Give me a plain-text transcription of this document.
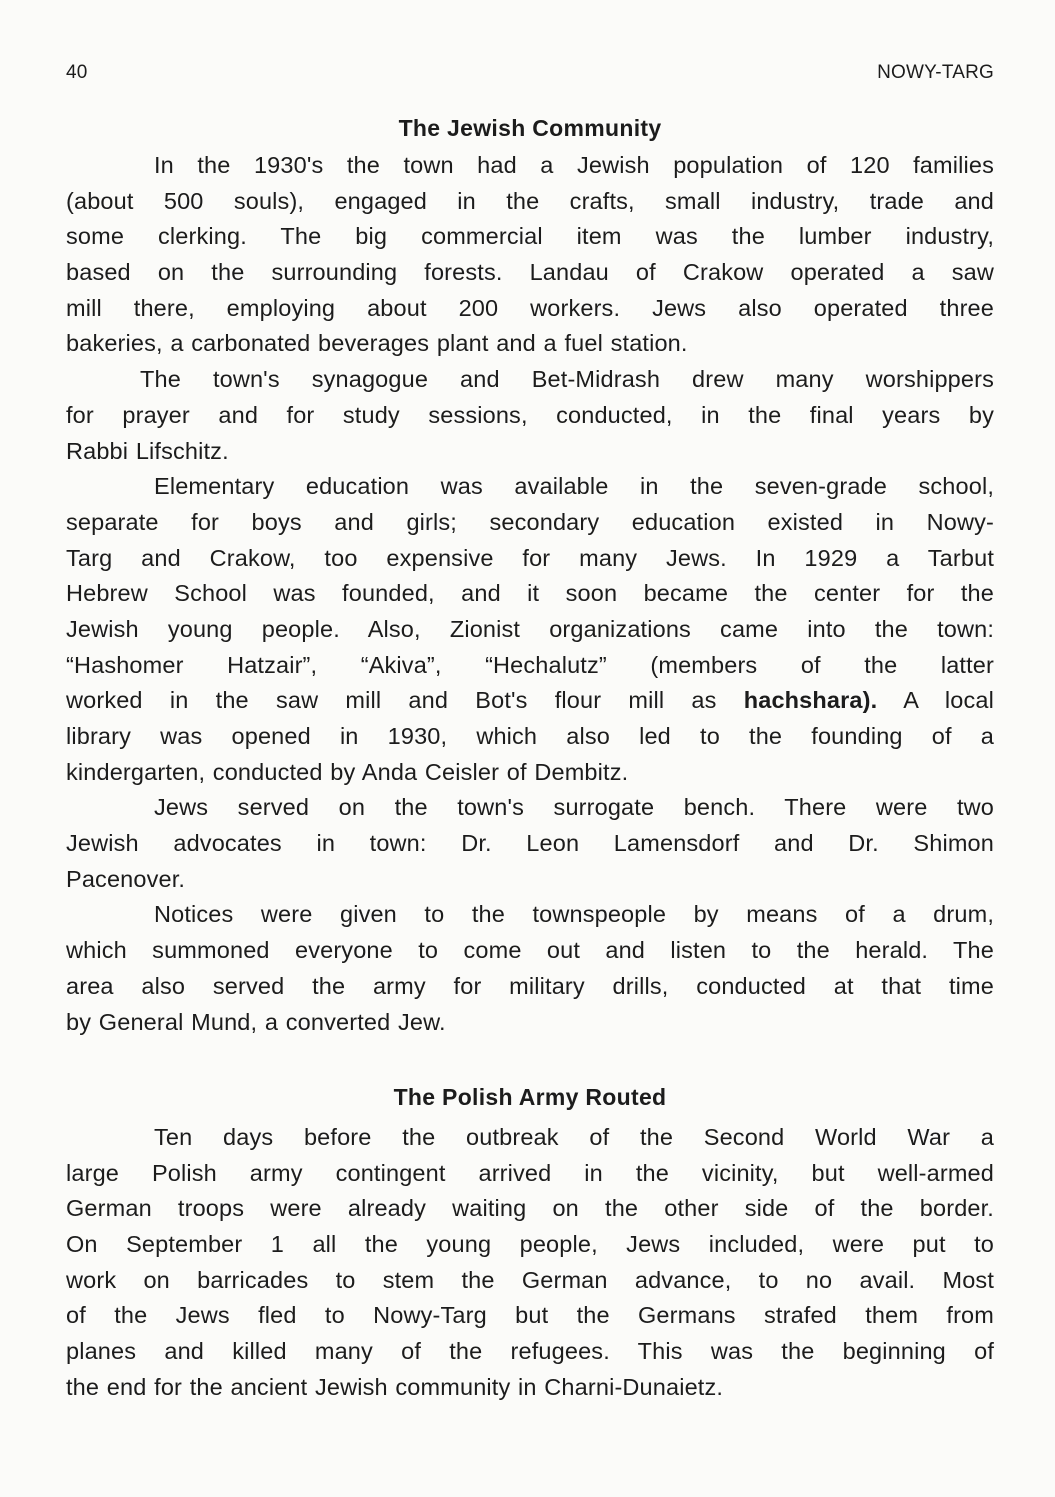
40	NOWY-TARG
The Jewish Community
In the 1930's the town had a Jewish population of 120 families
(about 500 souls), engaged in the crafts, small industry, trade and
some clerking. The big commercial item was the lumber industry,
based on the surrounding forests. Landau of Crakow operated a saw
mill there, employing about 200 workers. Jews also operated three
bakeries, a carbonated beverages plant and a fuel station.
The town's synagogue and Bet-Midrash drew many worshippers
for prayer and for study sessions, conducted, in the final years by
Rabbi Lifschitz.
Elementary education was available in the seven-grade school,
separate for boys and girls; secondary education existed in Nowy-
Targ and Crakow, too expensive for many Jews. In 1929 a Tarbut
Hebrew School was founded, and it soon became the center for the
Jewish young people. Also, Zionist organizations came into the town:
“Hashomer Hatzair”, “Akiva”, “Hechalutz” (members of the latter
worked in the saw mill and Bot's flour mill as hachshara). A local
library was opened in 1930, which also led to the founding of a
kindergarten, conducted by Anda Ceisler of Dembitz.
Jews served on the town's surrogate bench. There were two
Jewish advocates in town: Dr. Leon Lamensdorf and Dr. Shimon
Pacenover.
Notices were given to the townspeople by means of a drum,
which summoned everyone to come out and listen to the herald. The
area also served the army for military drills, conducted at that time
by General Mund, a converted Jew.
The Polish Army Routed
Ten days before the outbreak of the Second World War a
large Polish army contingent arrived in the vicinity, but well-armed
German troops were already waiting on the other side of the border.
On September 1 all the young people, Jews included, were put to
work on barricades to stem the German advance, to no avail. Most
of the Jews fled to Nowy-Targ but the Germans strafed them from
planes and killed many of the refugees. This was the beginning of
the end for the ancient Jewish community in Charni-Dunaietz.
